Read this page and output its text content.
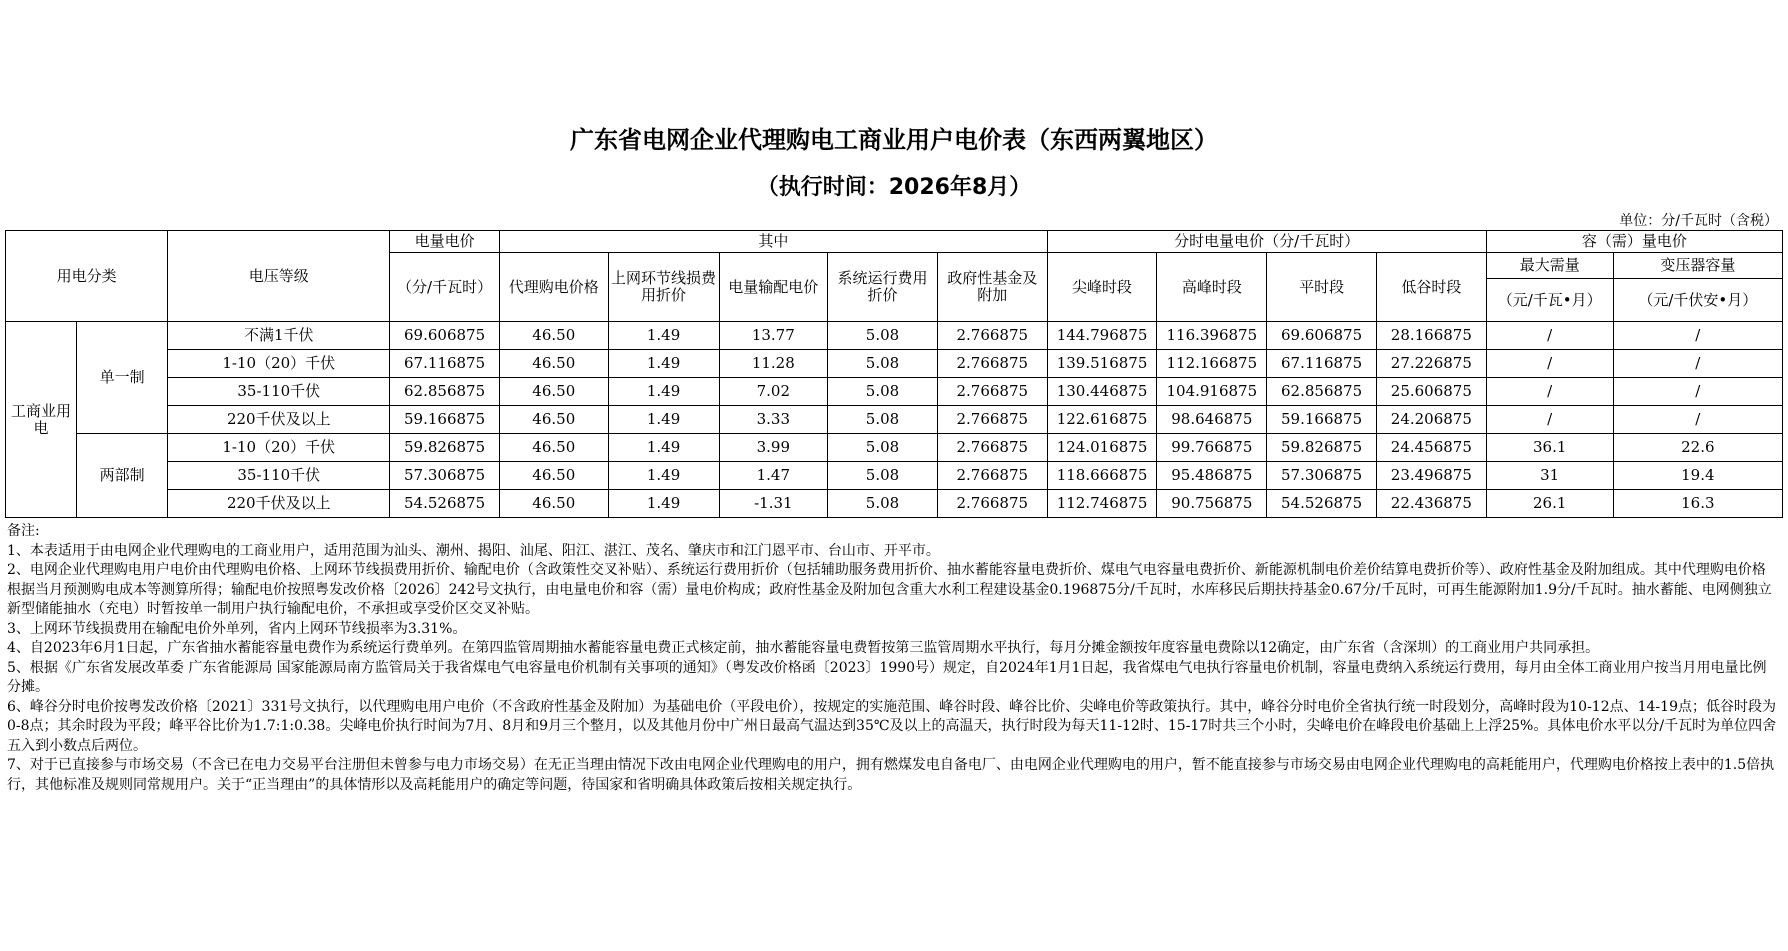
广东省电网企业代理购电工商业用户电价表（东西两翼地区）
（执行时间：2026年8月）
单位：分/千瓦时（含税）
用电分类		电压等级	电量电价	其中					分时电量电价（分/千瓦时）				容（需）量电价	
			（分/千瓦时）	代理购电价格	上网环节线损费用折价	电量输配电价	系统运行费用折价	政府性基金及附加	尖峰时段	高峰时段	平时段	低谷时段	最大需量	变压器容量
													（元/千瓦•月）	（元/千伏安•月）
工商业用电	单一制	不满1千伏	69.606875	46.50	1.49	13.77	5.08	2.766875	144.796875	116.396875	69.606875	28.166875	/	/
		1-10（20）千伏	67.116875	46.50	1.49	11.28	5.08	2.766875	139.516875	112.166875	67.116875	27.226875	/	/
		35-110千伏	62.856875	46.50	1.49	7.02	5.08	2.766875	130.446875	104.916875	62.856875	25.606875	/	/
		220千伏及以上	59.166875	46.50	1.49	3.33	5.08	2.766875	122.616875	98.646875	59.166875	24.206875	/	/
	两部制	1-10（20）千伏	59.826875	46.50	1.49	3.99	5.08	2.766875	124.016875	99.766875	59.826875	24.456875	36.1	22.6
		35-110千伏	57.306875	46.50	1.49	1.47	5.08	2.766875	118.666875	95.486875	57.306875	23.496875	31	19.4
		220千伏及以上	54.526875	46.50	1.49	-1.31	5.08	2.766875	112.746875	90.756875	54.526875	22.436875	26.1	16.3

备注:

1、本表适用于由电网企业代理购电的工商业用户，适用范围为汕头、潮州、揭阳、汕尾、阳江、湛江、茂名、肇庆市和江门恩平市、台山市、开平市。

2、电网企业代理购电用户电价由代理购电价格、上网环节线损费用折价、输配电价（含政策性交叉补贴）、系统运行费用折价（包括辅助服务费用折价、抽水蓄能容量电费折价、煤电气电容量电费折价、新能源机制电价差价结算电费折价等）、政府性基金及附加组成。其中代理购电价格根据当月预测购电成本等测算所得；输配电价按照粤发改价格〔2026〕242号文执行，由电量电价和容（需）量电价构成；政府性基金及附加包含重大水利工程建设基金0.196875分/千瓦时，水库移民后期扶持基金0.67分/千瓦时，可再生能源附加1.9分/千瓦时。抽水蓄能、电网侧独立新型储能抽水（充电）时暂按单一制用户执行输配电价，不承担或享受价区交叉补贴。

3、上网环节线损费用在输配电价外单列，省内上网环节线损率为3.31%。

4、自2023年6月1日起，广东省抽水蓄能容量电费作为系统运行费单列。在第四监管周期抽水蓄能容量电费正式核定前，抽水蓄能容量电费暂按第三监管周期水平执行，每月分摊金额按年度容量电费除以12确定，由广东省（含深圳）的工商业用户共同承担。

5、根据《广东省发展改革委 广东省能源局 国家能源局南方监管局关于我省煤电气电容量电价机制有关事项的通知》（粤发改价格函〔2023〕1990号）规定，自2024年1月1日起，我省煤电气电执行容量电价机制，容量电费纳入系统运行费用，每月由全体工商业用户按当月用电量比例分摊。

6、峰谷分时电价按粤发改价格〔2021〕331号文执行，以代理购电用户电价（不含政府性基金及附加）为基础电价（平段电价），按规定的实施范围、峰谷时段、峰谷比价、尖峰电价等政策执行。其中，峰谷分时电价全省执行统一时段划分，高峰时段为10-12点、14-19点；低谷时段为0-8点；其余时段为平段；峰平谷比价为1.7:1:0.38。尖峰电价执行时间为7月、8月和9月三个整月，以及其他月份中广州日最高气温达到35℃及以上的高温天，执行时段为每天11-12时、15-17时共三个小时，尖峰电价在峰段电价基础上上浮25%。具体电价水平以分/千瓦时为单位四舍五入到小数点后两位。

7、对于已直接参与市场交易（不含已在电力交易平台注册但未曾参与电力市场交易）在无正当理由情况下改由电网企业代理购电的用户，拥有燃煤发电自备电厂、由电网企业代理购电的用户，暂不能直接参与市场交易由电网企业代理购电的高耗能用户，代理购电价格按上表中的1.5倍执行，其他标准及规则同常规用户。关于“正当理由”的具体情形以及高耗能用户的确定等问题，待国家和省明确具体政策后按相关规定执行。
